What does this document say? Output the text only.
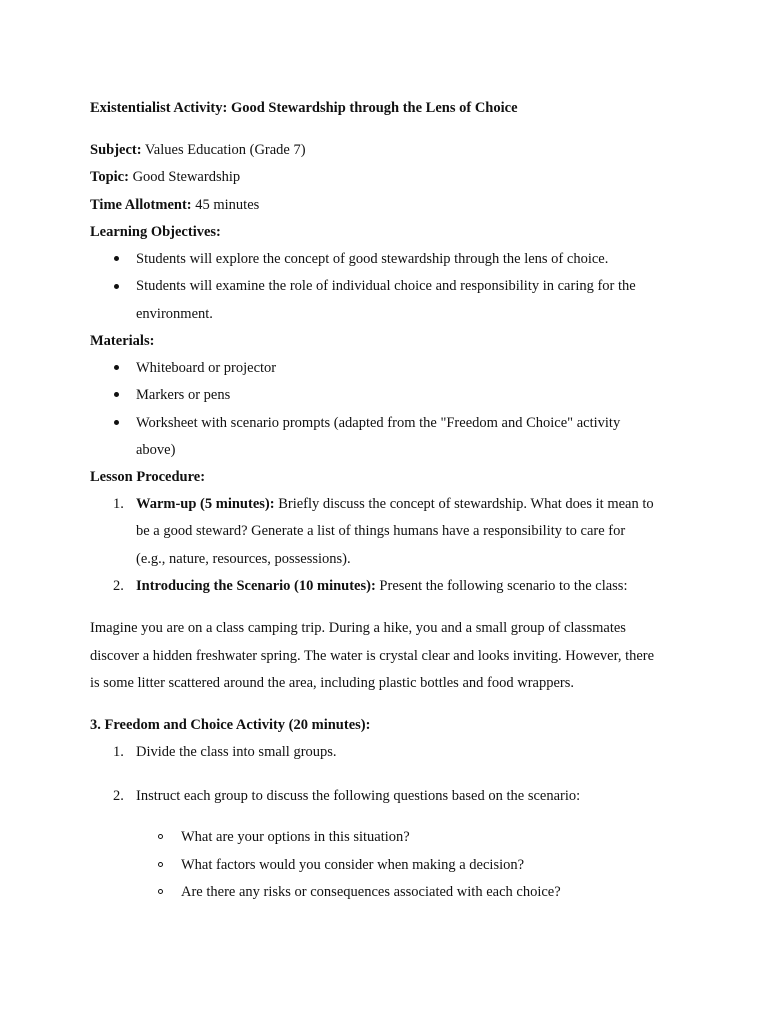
Existentialist Activity: Good Stewardship through the Lens of Choice
Subject: Values Education (Grade 7)
Topic: Good Stewardship
Time Allotment: 45 minutes
Learning Objectives:
Students will explore the concept of good stewardship through the lens of choice.
Students will examine the role of individual choice and responsibility in caring for the
environment.
Materials:
Whiteboard or projector
Markers or pens
Worksheet with scenario prompts (adapted from the "Freedom and Choice" activity
above)
Lesson Procedure:
1. Warm-up (5 minutes): Briefly discuss the concept of stewardship. What does it mean to
be a good steward? Generate a list of things humans have a responsibility to care for
(e.g., nature, resources, possessions).
2. Introducing the Scenario (10 minutes): Present the following scenario to the class:
Imagine you are on a class camping trip. During a hike, you and a small group of classmates
discover a hidden freshwater spring. The water is crystal clear and looks inviting. However, there
is some litter scattered around the area, including plastic bottles and food wrappers.
3. Freedom and Choice Activity (20 minutes):
1. Divide the class into small groups.
2. Instruct each group to discuss the following questions based on the scenario:
What are your options in this situation?
What factors would you consider when making a decision?
Are there any risks or consequences associated with each choice?
